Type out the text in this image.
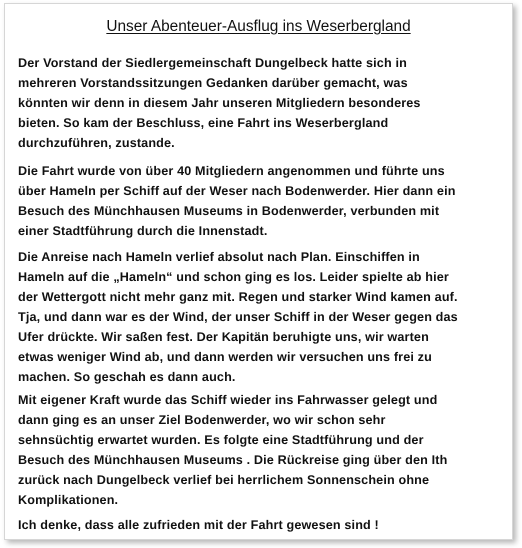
Unser Abenteuer-Ausflug ins Weserbergland

Der Vorstand der Siedlergemeinschaft Dungelbeck hatte sich in
mehreren Vorstandssitzungen Gedanken darüber gemacht, was
könnten wir denn in diesem Jahr unseren Mitgliedern besonderes
bieten. So kam der Beschluss, eine Fahrt ins Weserbergland
durchzuführen, zustande.

Die Fahrt wurde von über 40 Mitgliedern angenommen und führte uns
über Hameln per Schiff auf der Weser nach Bodenwerder. Hier dann ein
Besuch des Münchhausen Museums in Bodenwerder, verbunden mit
einer Stadtführung durch die Innenstadt.

Die Anreise nach Hameln verlief absolut nach Plan. Einschiffen in
Hameln auf die „Hameln“ und schon ging es los. Leider spielte ab hier
der Wettergott nicht mehr ganz mit. Regen und starker Wind kamen auf.
Tja, und dann war es der Wind, der unser Schiff in der Weser gegen das
Ufer drückte. Wir saßen fest. Der Kapitän beruhigte uns, wir warten
etwas weniger Wind ab, und dann werden wir versuchen uns frei zu
machen. So geschah es dann auch.

Mit eigener Kraft wurde das Schiff wieder ins Fahrwasser gelegt und
dann ging es an unser Ziel Bodenwerder, wo wir schon sehr
sehnsüchtig erwartet wurden. Es folgte eine Stadtführung und der
Besuch des Münchhausen Museums . Die Rückreise ging über den Ith
zurück nach Dungelbeck verlief bei herrlichem Sonnenschein ohne
Komplikationen.

Ich denke, dass alle zufrieden mit der Fahrt gewesen sind !
